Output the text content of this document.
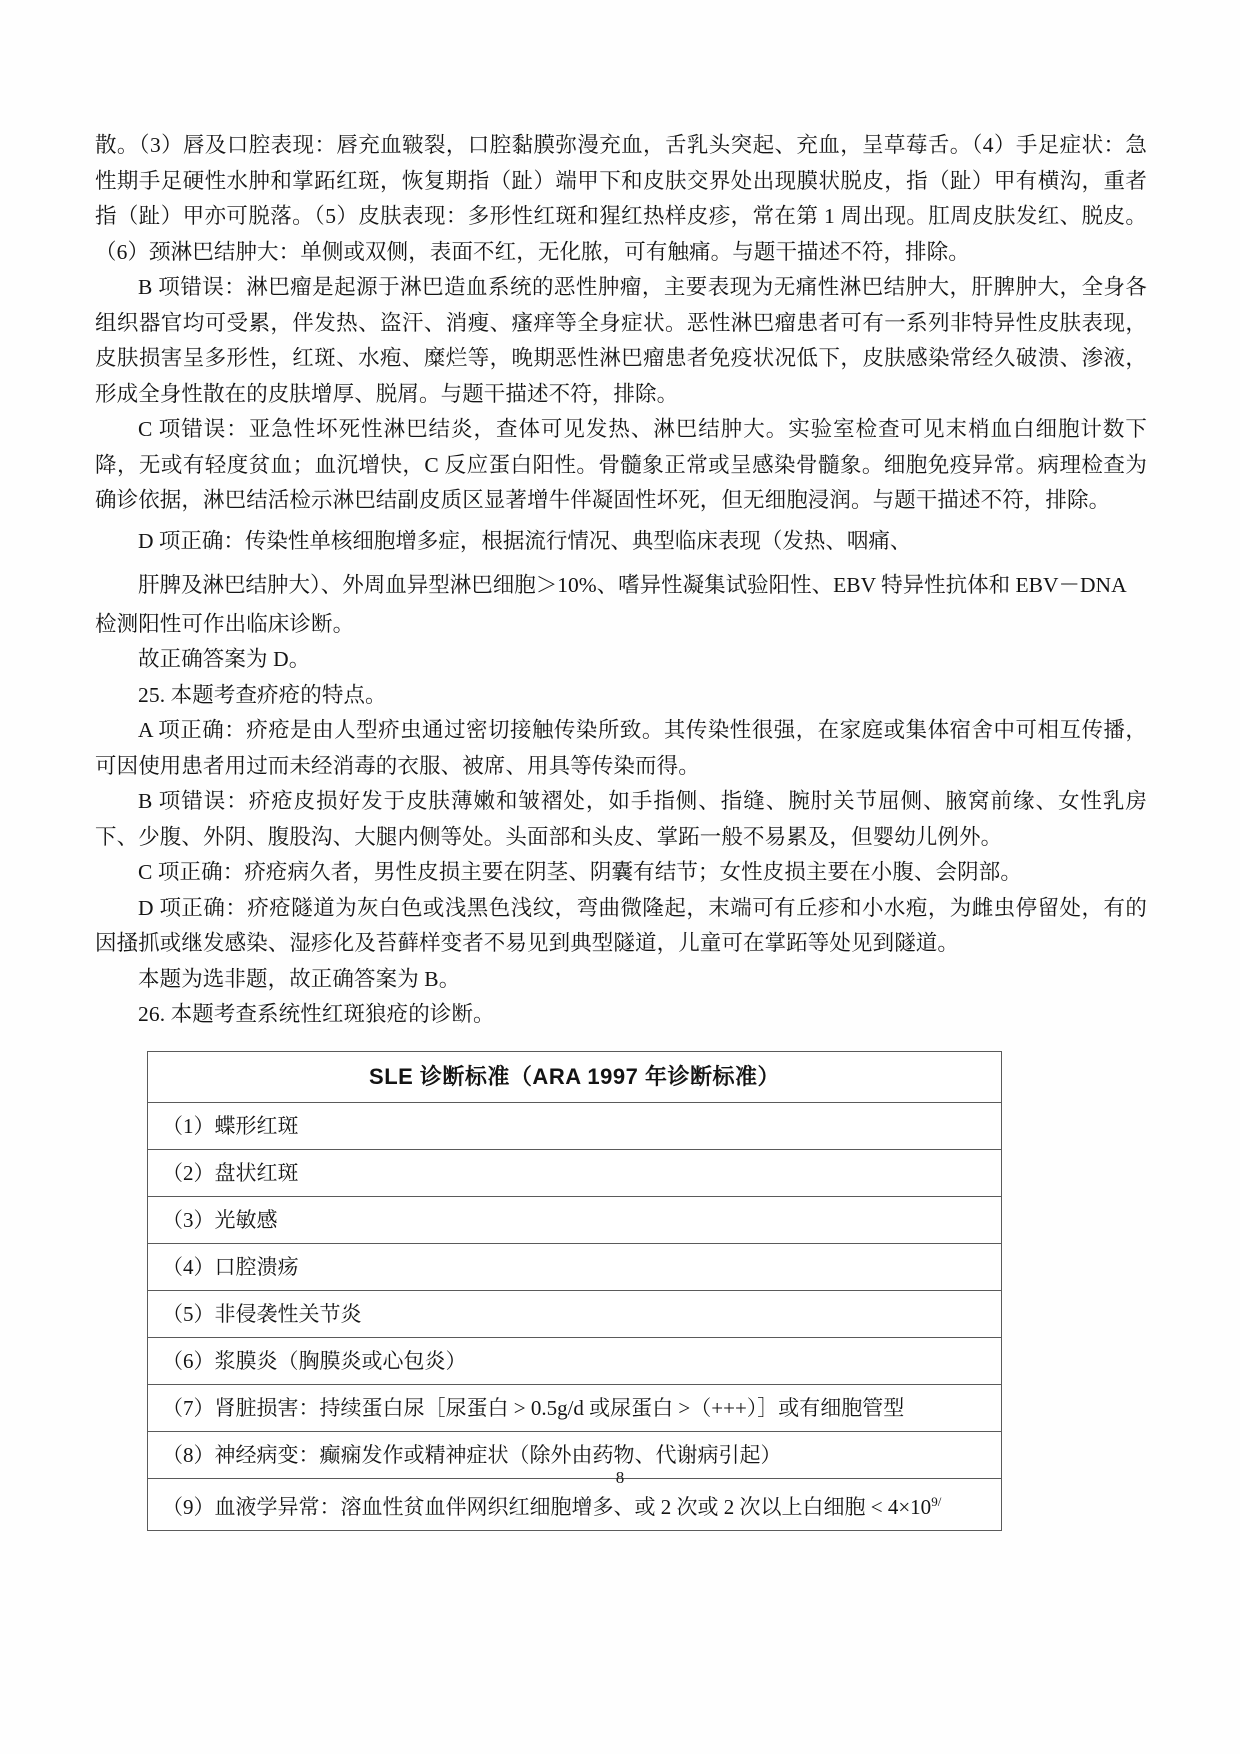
散。（3）唇及口腔表现：唇充血皲裂，口腔黏膜弥漫充血，舌乳头突起、充血，呈草莓舌。（4）手足症状：急性期手足硬性水肿和掌跖红斑，恢复期指（趾）端甲下和皮肤交界处出现膜状脱皮，指（趾）甲有横沟，重者指（趾）甲亦可脱落。（5）皮肤表现：多形性红斑和猩红热样皮疹，常在第 1 周出现。肛周皮肤发红、脱皮。（6）颈淋巴结肿大：单侧或双侧，表面不红，无化脓，可有触痛。与题干描述不符，排除。

B 项错误：淋巴瘤是起源于淋巴造血系统的恶性肿瘤，主要表现为无痛性淋巴结肿大，肝脾肿大，全身各组织器官均可受累，伴发热、盗汗、消瘦、瘙痒等全身症状。恶性淋巴瘤患者可有一系列非特异性皮肤表现，皮肤损害呈多形性，红斑、水疱、糜烂等，晚期恶性淋巴瘤患者免疫状况低下，皮肤感染常经久破溃、渗液，形成全身性散在的皮肤增厚、脱屑。与题干描述不符，排除。

C 项错误：亚急性坏死性淋巴结炎，查体可见发热、淋巴结肿大。实验室检查可见末梢血白细胞计数下降，无或有轻度贫血；血沉增快，C 反应蛋白阳性。骨髓象正常或呈感染骨髓象。细胞免疫异常。病理检查为确诊依据，淋巴结活检示淋巴结副皮质区显著增牛伴凝固性坏死，但无细胞浸润。与题干描述不符，排除。

D 项正确：传染性单核细胞增多症，根据流行情况、典型临床表现（发热、咽痛、

肝脾及淋巴结肿大）、外周血异型淋巴细胞＞10%、嗜异性凝集试验阳性、EBV 特异性抗体和 EBV－DNA

检测阳性可作出临床诊断。

故正确答案为 D。

25. 本题考查疥疮的特点。

A 项正确：疥疮是由人型疥虫通过密切接触传染所致。其传染性很强，在家庭或集体宿舍中可相互传播，可因使用患者用过而未经消毒的衣服、被席、用具等传染而得。

B 项错误：疥疮皮损好发于皮肤薄嫩和皱褶处，如手指侧、指缝、腕肘关节屈侧、腋窝前缘、女性乳房下、少腹、外阴、腹股沟、大腿内侧等处。头面部和头皮、掌跖一般不易累及，但婴幼儿例外。

C 项正确：疥疮病久者，男性皮损主要在阴茎、阴囊有结节；女性皮损主要在小腹、会阴部。

D 项正确：疥疮隧道为灰白色或浅黑色浅纹，弯曲微隆起，末端可有丘疹和小水疱，为雌虫停留处，有的因搔抓或继发感染、湿疹化及苔藓样变者不易见到典型隧道，儿童可在掌跖等处见到隧道。

本题为选非题，故正确答案为 B。

26. 本题考查系统性红斑狼疮的诊断。

SLE 诊断标准（ARA 1997 年诊断标准）
（1）蝶形红斑
（2）盘状红斑
（3）光敏感
（4）口腔溃疡
（5）非侵袭性关节炎
（6）浆膜炎（胸膜炎或心包炎）
（7）肾脏损害：持续蛋白尿［尿蛋白 > 0.5g/d 或尿蛋白 >（+++）］或有细胞管型
（8）神经病变：癫痫发作或精神症状（除外由药物、代谢病引起）
（9）血液学异常：溶血性贫血伴网织红细胞增多、或 2 次或 2 次以上白细胞 < $4\times 10^{9/}$
8
